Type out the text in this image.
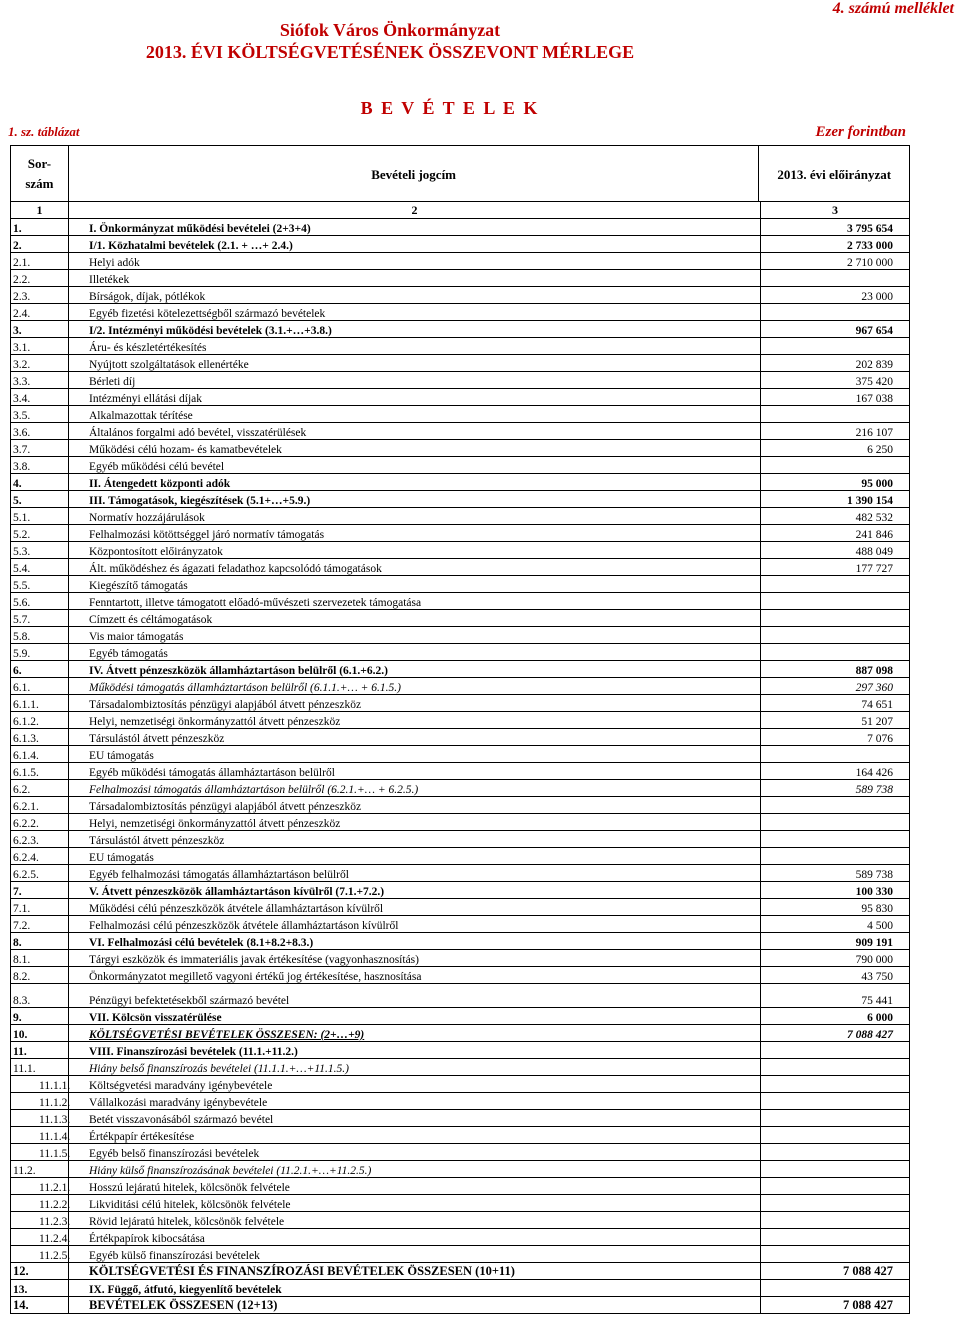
4. számú melléklet
Siófok Város Önkormányzat
2013. ÉVI KÖLTSÉGVETÉSÉNEK ÖSSZEVONT MÉRLEGE
B E V É T E L E K
1. sz. táblázat	Ezer forintban
Sor-
szám
Bevételi jogcím	2013. évi előirányzat
1	2	3
1.	I. Önkormányzat működési bevételei (2+3+4)	3 795 654
2.	I/1. Közhatalmi bevételek (2.1. + …+ 2.4.)	2 733 000
2.1.	Helyi adók	2 710 000
2.2.	Illetékek
2.3.	Bírságok, díjak, pótlékok	23 000
2.4.	Egyéb fizetési kötelezettségből származó bevételek
3.	I/2. Intézményi működési bevételek (3.1.+…+3.8.)	967 654
3.1.	Áru- és készletértékesítés
3.2.	Nyújtott szolgáltatások ellenértéke	202 839
3.3.	Bérleti díj	375 420
3.4.	Intézményi ellátási díjak	167 038
3.5.	Alkalmazottak térítése
3.6.	Általános forgalmi adó bevétel, visszatérülések	216 107
3.7.	Működési célú hozam- és kamatbevételek	6 250
3.8.	Egyéb működési célú bevétel
4.	II. Átengedett központi adók	95 000
5.	III. Támogatások, kiegészítések (5.1+…+5.9.)	1 390 154
5.1.	Normatív hozzájárulások	482 532
5.2.	Felhalmozási kötöttséggel járó normatív támogatás	241 846
5.3.	Központosított előirányzatok	488 049
5.4.	Ált. működéshez és ágazati feladathoz kapcsolódó támogatások	177 727
5.5.	Kiegészítő támogatás
5.6.	Fenntartott, illetve támogatott előadó-művészeti szervezetek támogatása
5.7.	Címzett és céltámogatások
5.8.	Vis maior támogatás
5.9.	Egyéb támogatás
6.	IV. Átvett pénzeszközök államháztartáson belülről (6.1.+6.2.)	887 098
6.1.	Működési támogatás államháztartáson belülről (6.1.1.+… + 6.1.5.)	297 360
6.1.1.	Társadalombiztosítás pénzügyi alapjából átvett pénzeszköz	74 651
6.1.2.	Helyi, nemzetiségi önkormányzattól átvett pénzeszköz	51 207
6.1.3.	Társulástól átvett pénzeszköz	7 076
6.1.4.	EU támogatás
6.1.5.	Egyéb működési támogatás államháztartáson belülről	164 426
6.2.	Felhalmozási támogatás államháztartáson belülről (6.2.1.+… + 6.2.5.)	589 738
6.2.1.	Társadalombiztosítás pénzügyi alapjából átvett pénzeszköz
6.2.2.	Helyi, nemzetiségi önkormányzattól átvett pénzeszköz
6.2.3.	Társulástól átvett pénzeszköz
6.2.4.	EU támogatás
6.2.5.	Egyéb felhalmozási támogatás államháztartáson belülről	589 738
7.	V. Átvett pénzeszközök államháztartáson kívülről (7.1.+7.2.)	100 330
7.1.	Működési célú pénzeszközök átvétele államháztartáson kívülről	95 830
7.2.	Felhalmozási célú pénzeszközök átvétele államháztartáson kívülről	4 500
8.	VI. Felhalmozási célú bevételek (8.1+8.2+8.3.)	909 191
8.1.	Tárgyi eszközök és immateriális javak értékesítése (vagyonhasznosítás)	790 000
8.2.	Önkormányzatot megillető vagyoni értékű jog értékesítése, hasznosítása	43 750
8.3.	Pénzügyi befektetésekből származó bevétel	75 441
9.	VII. Kölcsön visszatérülése	6 000
10.	KÖLTSÉGVETÉSI BEVÉTELEK ÖSSZESEN: (2+…+9)	7 088 427
11.	VIII. Finanszírozási bevételek (11.1.+11.2.)
11.1.	Hiány belső finanszírozás bevételei (11.1.1.+…+11.1.5.)
11.1.1.	Költségvetési maradvány igénybevétele
11.1.2.	Vállalkozási maradvány igénybevétele
11.1.3.	Betét visszavonásából származó bevétel
11.1.4.	Értékpapír értékesítése
11.1.5.	Egyéb belső finanszírozási bevételek
11.2.	Hiány külső finanszírozásának bevételei (11.2.1.+…+11.2.5.)
11.2.1.	Hosszú lejáratú hitelek, kölcsönök felvétele
11.2.2.	Likviditási célú hitelek, kölcsönök felvétele
11.2.3.	Rövid lejáratú hitelek, kölcsönök felvétele
11.2.4.	Értékpapírok kibocsátása
11.2.5.	Egyéb külső finanszírozási bevételek
12.	KÖLTSÉGVETÉSI ÉS FINANSZÍROZÁSI BEVÉTELEK ÖSSZESEN (10+11)	7 088 427
13.	IX. Függő, átfutó, kiegyenlítő bevételek
14.	BEVÉTELEK ÖSSZESEN (12+13)	7 088 427
